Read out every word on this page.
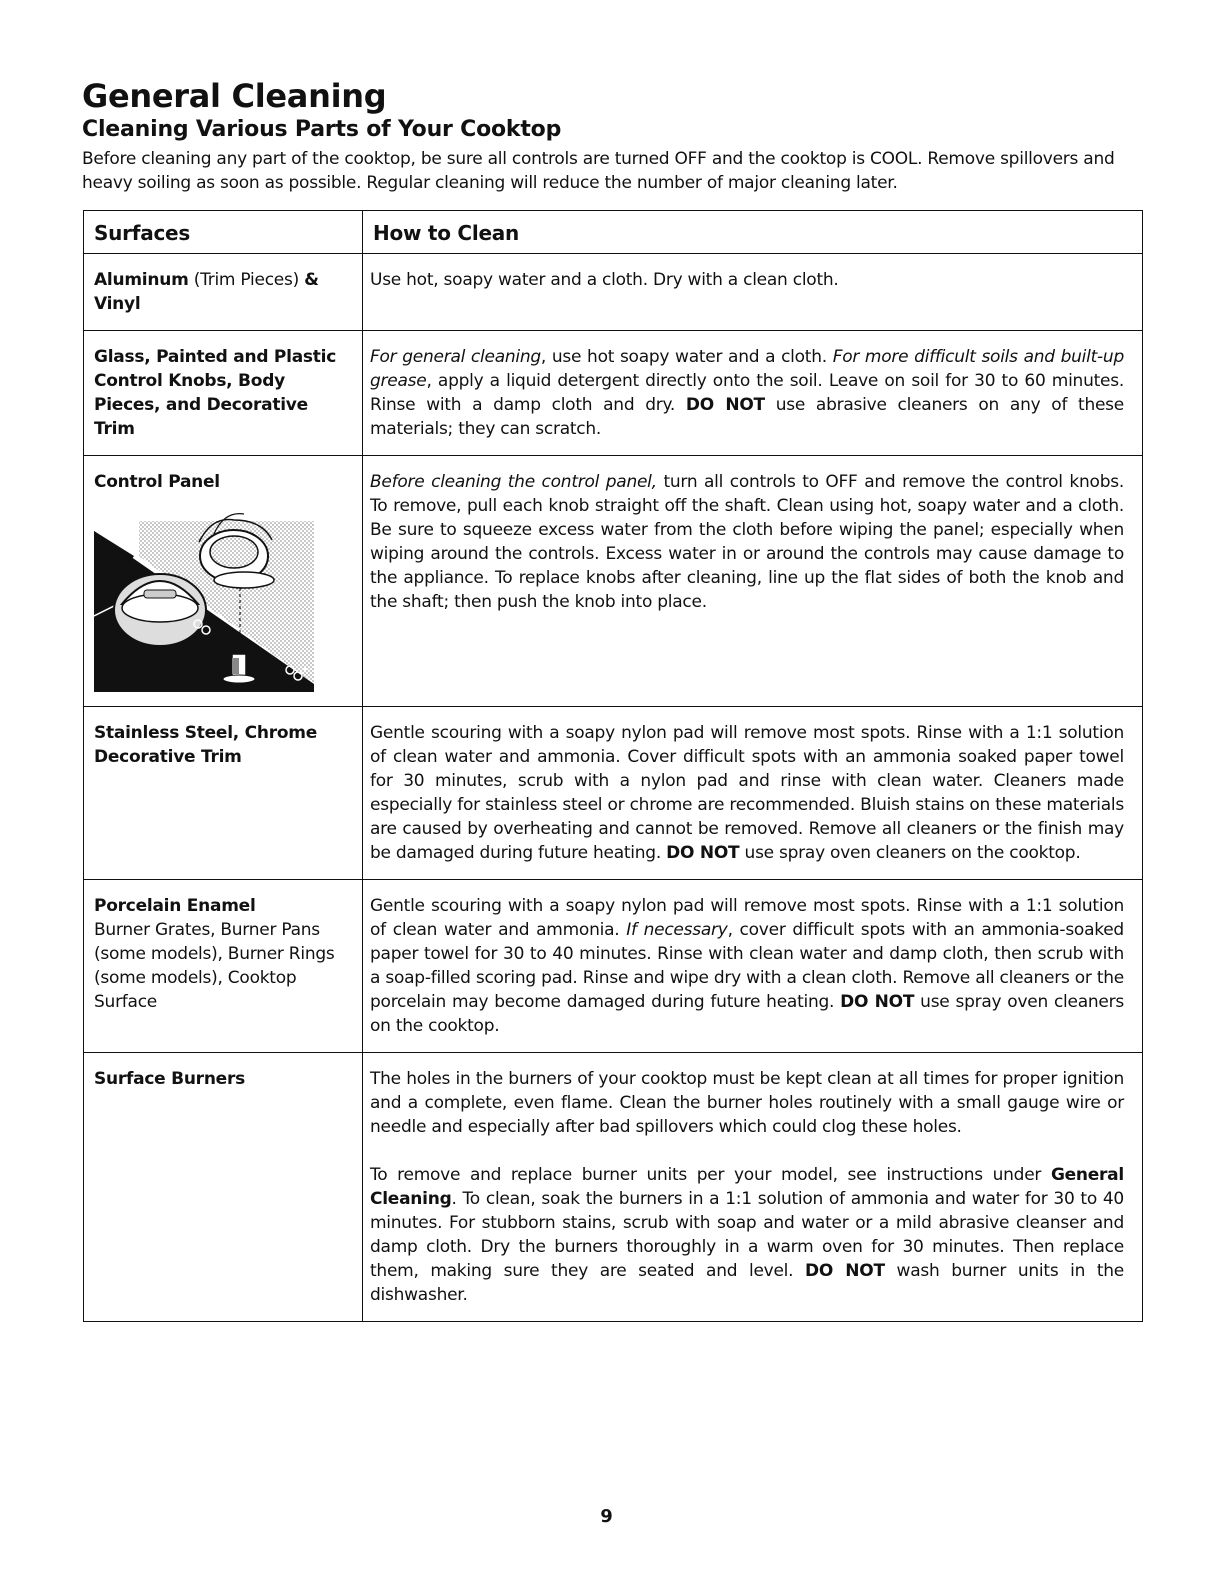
General Cleaning
Cleaning Various Parts of Your Cooktop

Before cleaning any part of the cooktop, be sure all controls are turned OFF and the cooktop is COOL. Remove spillovers and heavy soiling as soon as possible. Regular cleaning will reduce the number of major cleaning later.

Surfaces	How to Clean
Aluminum (Trim Pieces) & Vinyl	Use hot, soapy water and a cloth. Dry with a clean cloth.
Glass, Painted and Plastic Control Knobs, Body Pieces, and Decorative Trim	For general cleaning, use hot soapy water and a cloth. For more difficult soils and built-up grease, apply a liquid detergent directly onto the soil. Leave on soil for 30 to 60 minutes. Rinse with a damp cloth and dry. DO NOT use abrasive cleaners on any of these materials; they can scratch.
Control Panel	Before cleaning the control panel, turn all controls to OFF and remove the control knobs. To remove, pull each knob straight off the shaft. Clean using hot, soapy water and a cloth. Be sure to squeeze excess water from the cloth before wiping the panel; especially when wiping around the controls. Excess water in or around the controls may cause damage to the appliance. To replace knobs after cleaning, line up the flat sides of both the knob and the shaft; then push the knob into place.
Stainless Steel, Chrome Decorative Trim	Gentle scouring with a soapy nylon pad will remove most spots. Rinse with a 1:1 solution of clean water and ammonia. Cover difficult spots with an ammonia soaked paper towel for 30 minutes, scrub with a nylon pad and rinse with clean water. Cleaners made especially for stainless steel or chrome are recommended. Bluish stains on these materials are caused by overheating and cannot be removed. Remove all cleaners or the finish may be damaged during future heating. DO NOT use spray oven cleaners on the cooktop.
Porcelain Enamel
Burner Grates, Burner Pans (some models), Burner Rings (some models), Cooktop Surface	Gentle scouring with a soapy nylon pad will remove most spots. Rinse with a 1:1 solution of clean water and ammonia. If necessary, cover difficult spots with an ammonia-soaked paper towel for 30 to 40 minutes. Rinse with clean water and damp cloth, then scrub with a soap-filled scoring pad. Rinse and wipe dry with a clean cloth. Remove all cleaners or the porcelain may become damaged during future heating. DO NOT use spray oven cleaners on the cooktop.
Surface Burners	The holes in the burners of your cooktop must be kept clean at all times for proper ignition and a complete, even flame. Clean the burner holes routinely with a small gauge wire or needle and especially after bad spillovers which could clog these holes.
To remove and replace burner units per your model, see instructions under General Cleaning. To clean, soak the burners in a 1:1 solution of ammonia and water for 30 to 40 minutes. For stubborn stains, scrub with soap and water or a mild abrasive cleanser and damp cloth. Dry the burners thoroughly in a warm oven for 30 minutes. Then replace them, making sure they are seated and level. DO NOT wash burner units in the dishwasher.
9
